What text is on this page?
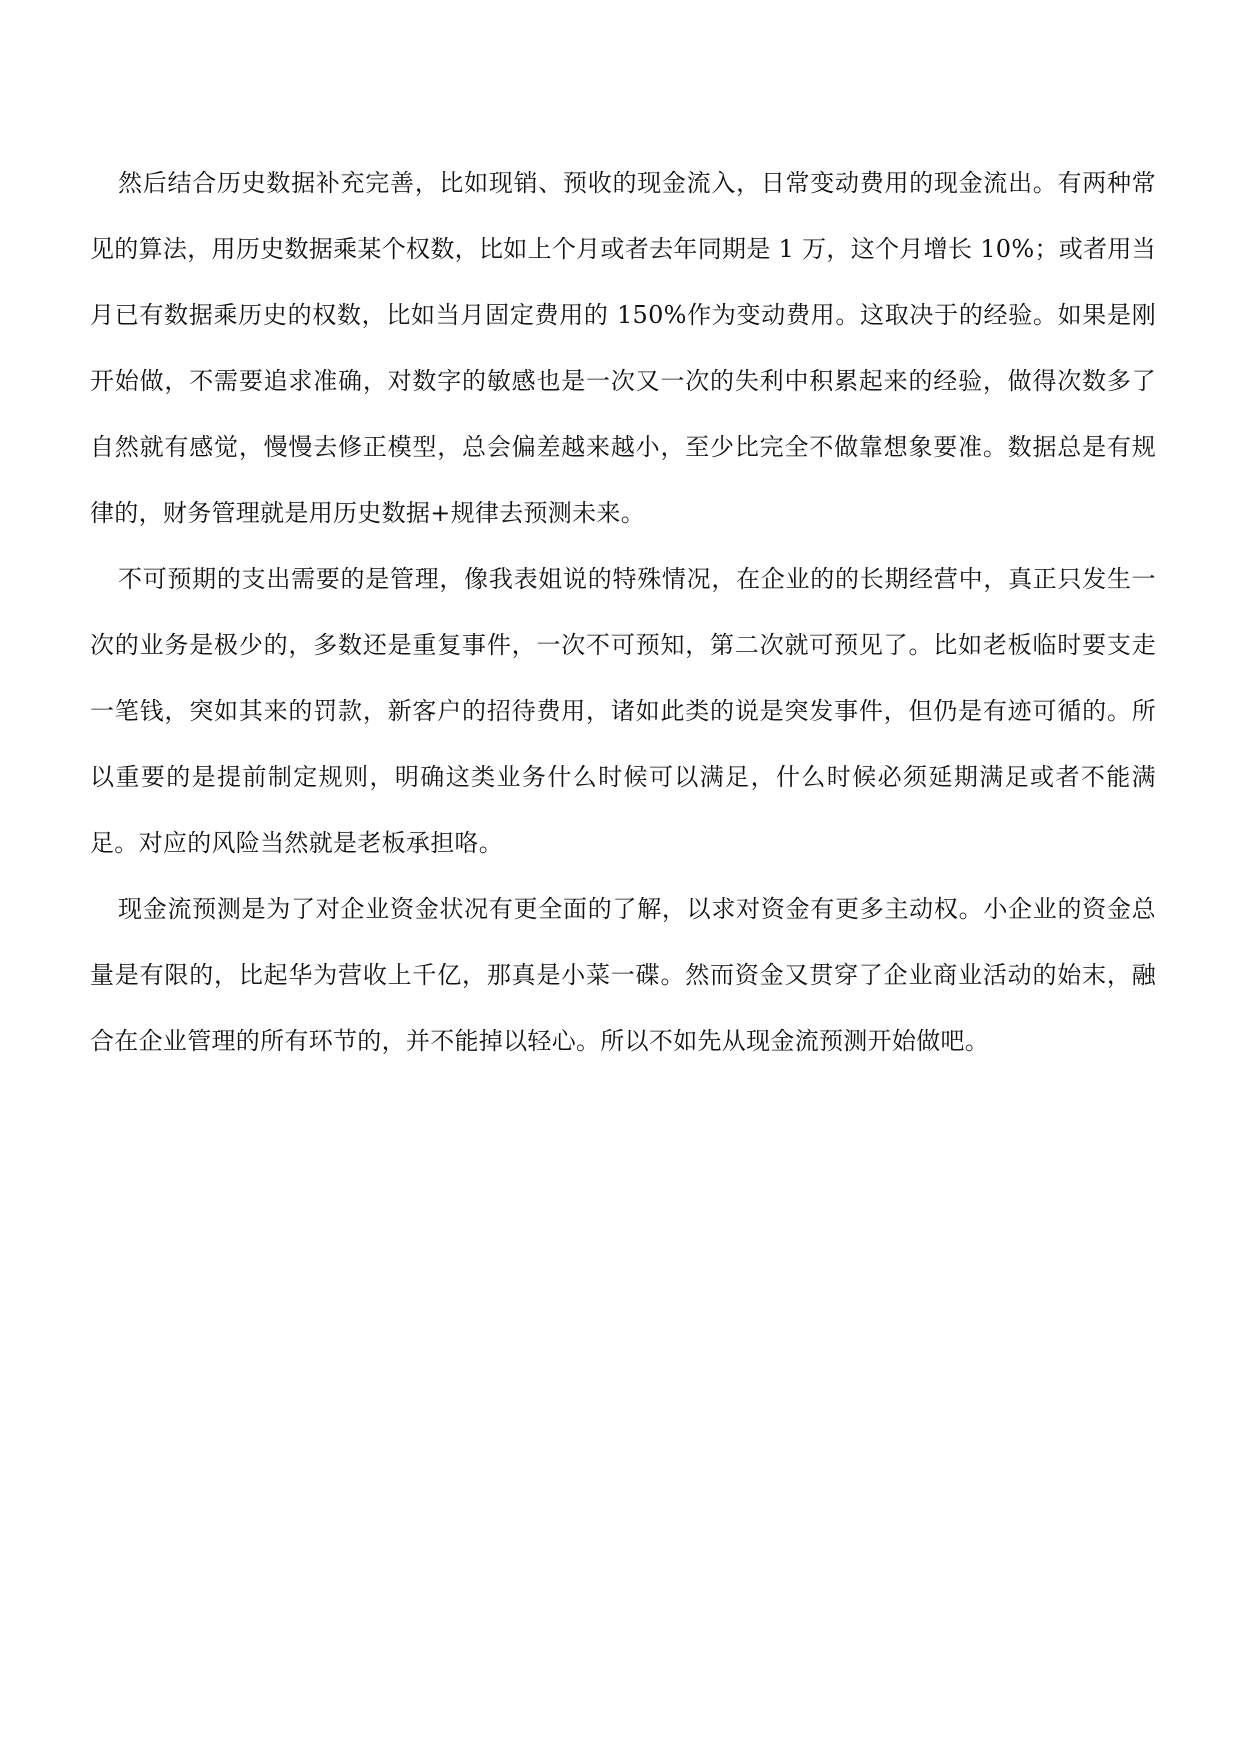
然后结合历史数据补充完善，比如现销、预收的现金流入，日常变动费用的现金流出。有两种常见的算法，用历史数据乘某个权数，比如上个月或者去年同期是 1 万，这个月增长 10%；或者用当月已有数据乘历史的权数，比如当月固定费用的 150%作为变动费用。这取决于的经验。如果是刚开始做，不需要追求准确，对数字的敏感也是一次又一次的失利中积累起来的经验，做得次数多了自然就有感觉，慢慢去修正模型，总会偏差越来越小，至少比完全不做靠想象要准。数据总是有规律的，财务管理就是用历史数据+规律去预测未来。

不可预期的支出需要的是管理，像我表姐说的特殊情况，在企业的的长期经营中，真正只发生一次的业务是极少的，多数还是重复事件，一次不可预知，第二次就可预见了。比如老板临时要支走一笔钱，突如其来的罚款，新客户的招待费用，诸如此类的说是突发事件，但仍是有迹可循的。所以重要的是提前制定规则，明确这类业务什么时候可以满足，什么时候必须延期满足或者不能满足。对应的风险当然就是老板承担咯。

现金流预测是为了对企业资金状况有更全面的了解，以求对资金有更多主动权。小企业的资金总量是有限的，比起华为营收上千亿，那真是小菜一碟。然而资金又贯穿了企业商业活动的始末，融合在企业管理的所有环节的，并不能掉以轻心。所以不如先从现金流预测开始做吧。
